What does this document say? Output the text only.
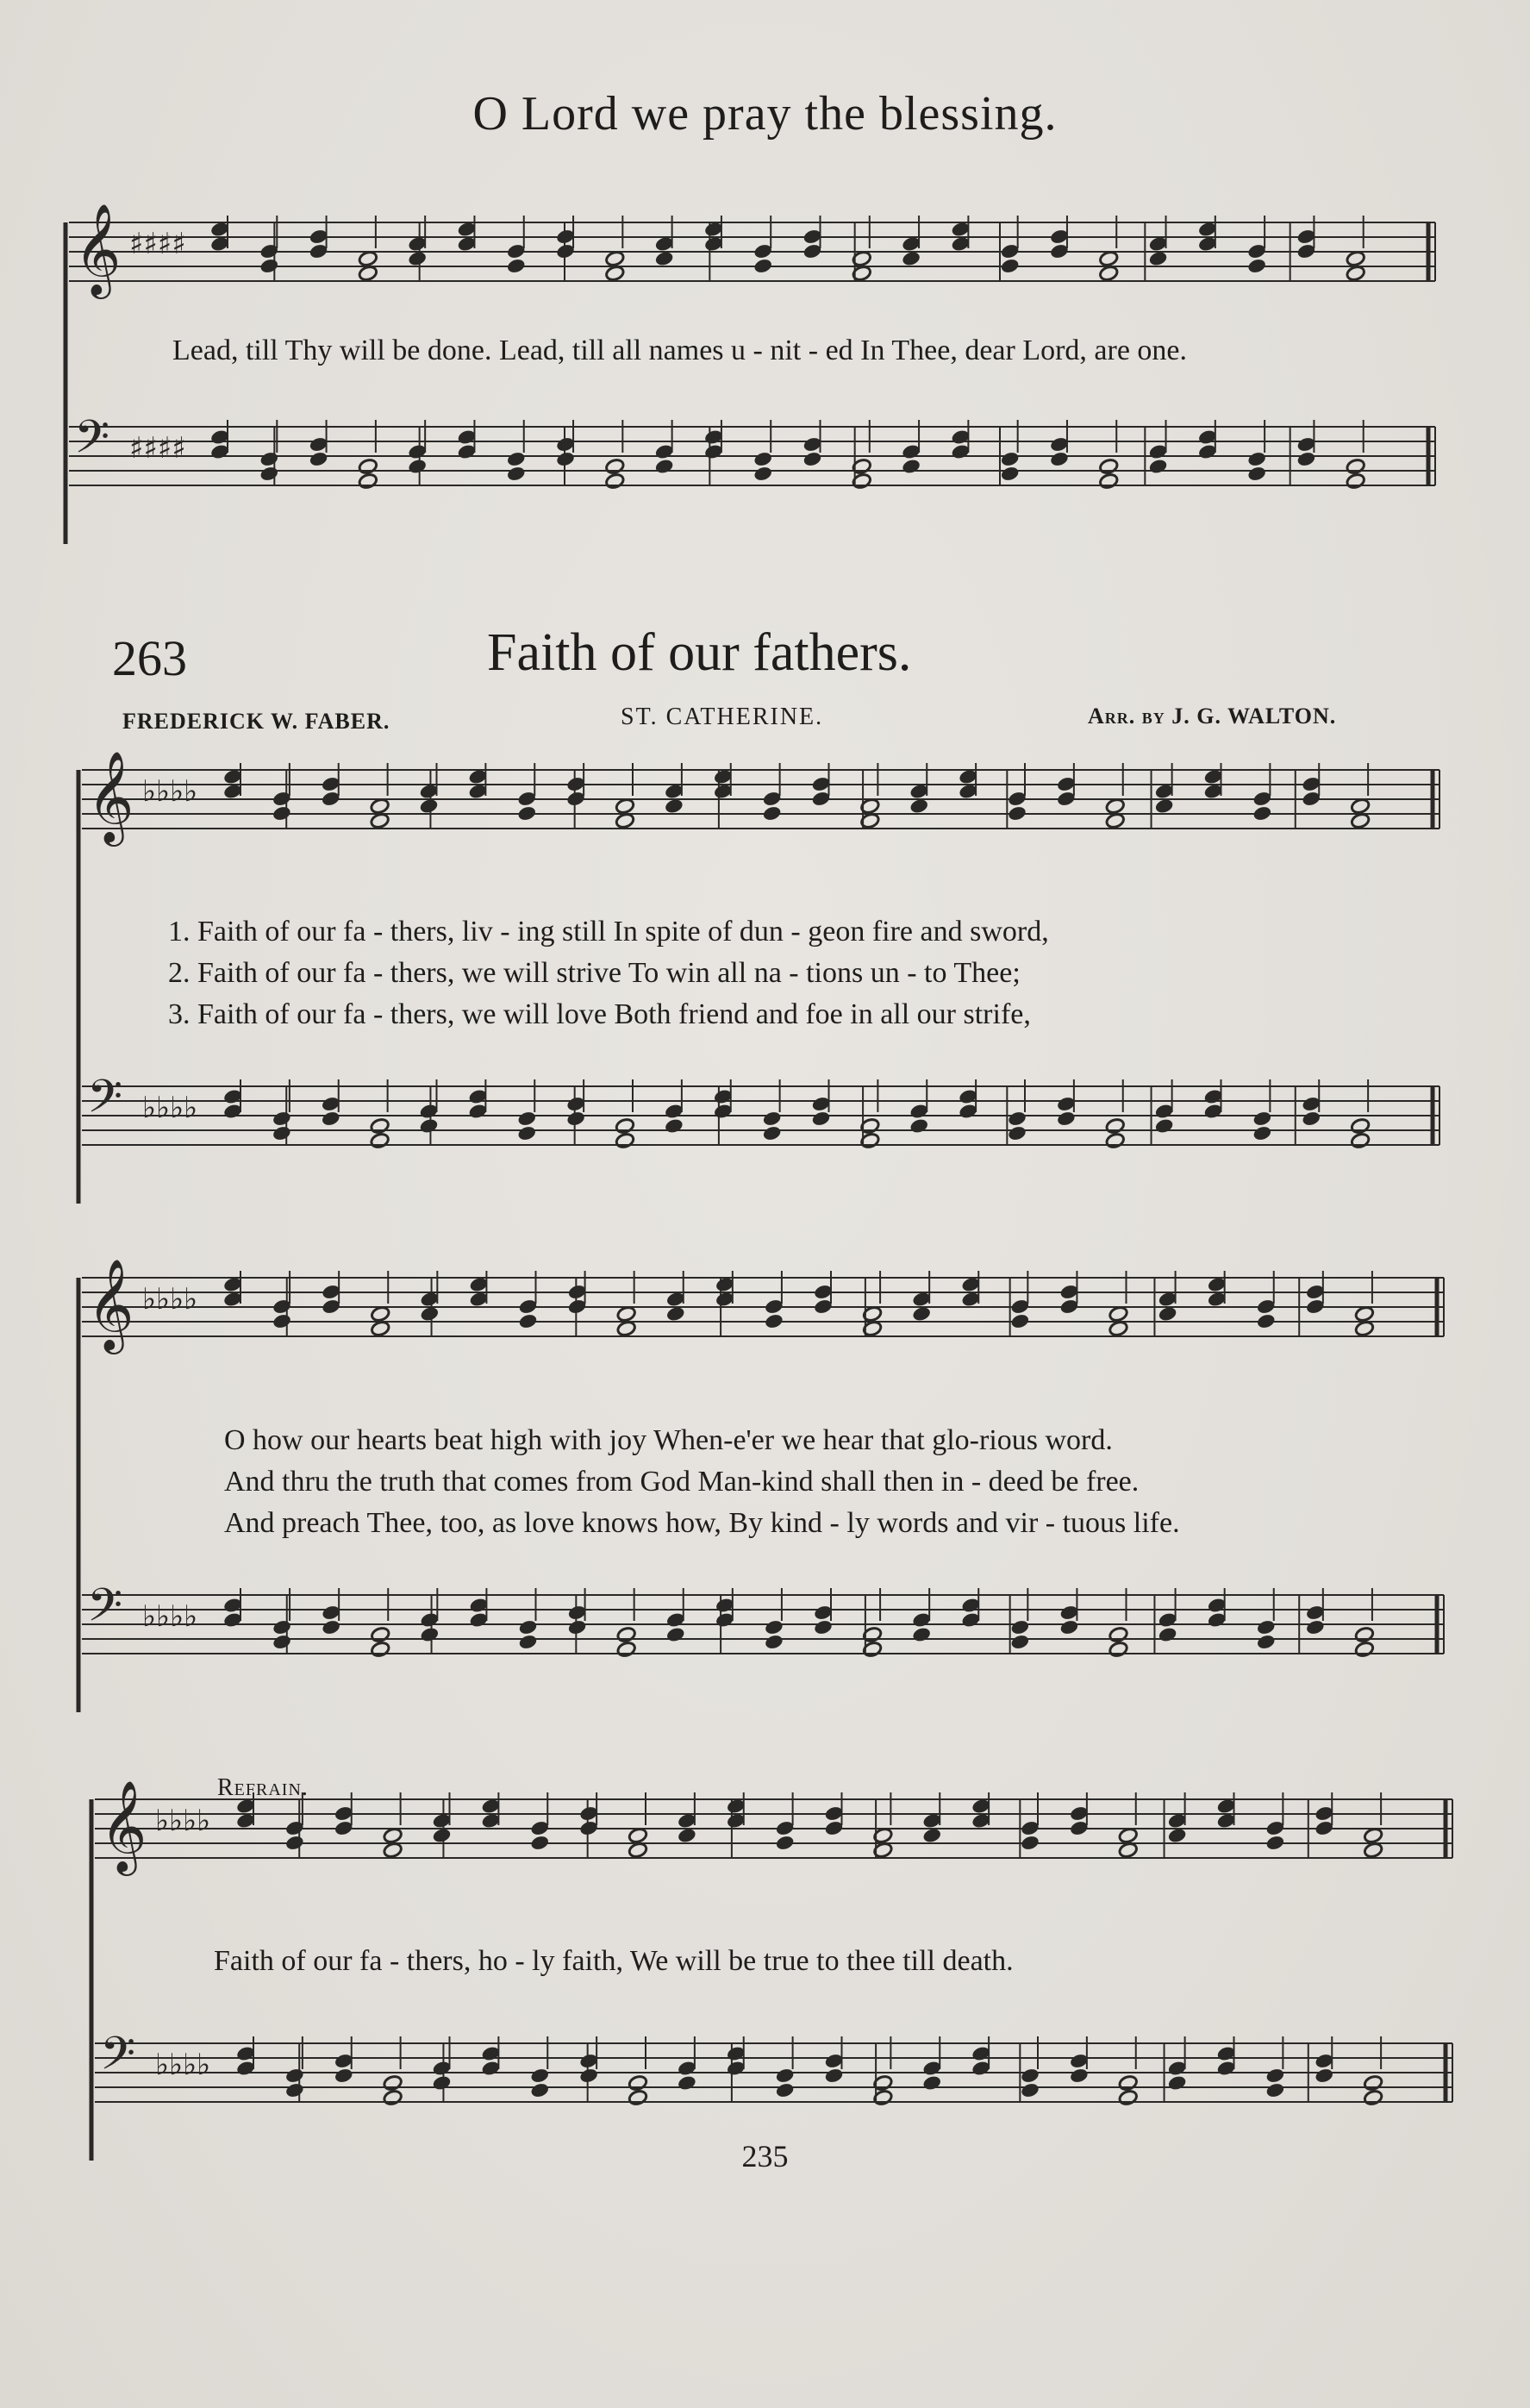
O Lord we pray the blessing.
𝄞 ♯♯♯♯
𝄢 ♯♯♯♯
𝄞 ♭♭♭♭
𝄢 ♭♭♭♭
𝄞 ♭♭♭♭
𝄢 ♭♭♭♭
𝄞 ♭♭♭♭
𝄢 ♭♭♭♭
Lead, till Thy will be done. Lead, till all names u - nit - ed In Thee, dear Lord, are one.
263	Faith of our fathers.
FREDERICK W. FABER.	ST. CATHERINE.	Arr. by J. G. WALTON.
1. Faith of our fa - thers, liv - ing still In spite of dun - geon fire and sword,
2. Faith of our fa - thers, we will strive To win all na - tions un - to Thee;
3. Faith of our fa - thers, we will love Both friend and foe in all our strife,
O how our hearts beat high with joy When-e'er we hear that glo-rious word.
And thru the truth that comes from God Man-kind shall then in - deed be free.
And preach Thee, too, as love knows how, By kind - ly words and vir - tuous life.
Refrain.
Faith of our fa - thers, ho - ly faith, We will be true to thee till death.
235
